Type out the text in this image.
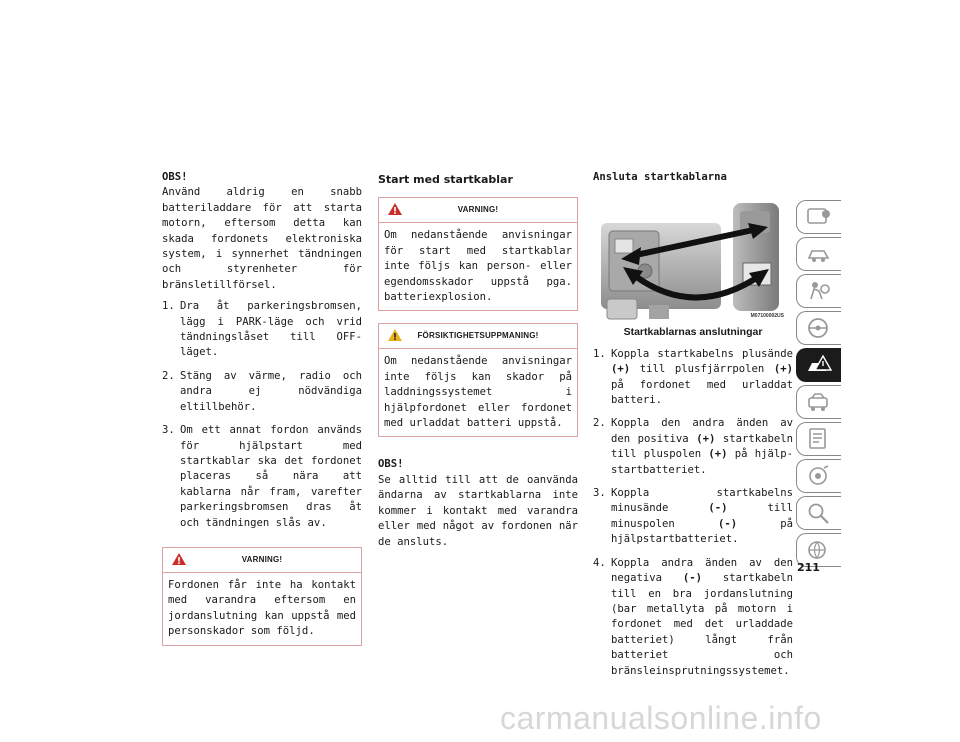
OBS!

Använd aldrig en snabb batteriladdare för att starta motorn, eftersom detta kan skada fordonets elektroniska system, i synnerhet tändningen och styrenheter för bränsletillförsel.

1. Dra åt parkeringsbromsen, lägg i PARK-läge och vrid tändningslåset till OFF-läget.
2. Stäng av värme, radio och andra ej nödvändiga eltillbehör.
3. Om ett annat fordon används för hjälpstart med startkablar ska det fordonet placeras så nära att kablarna når fram, varefter parkeringsbromsen dras åt och tändningen slås av.
VARNING!
Fordonen får inte ha kontakt med varandra eftersom en jordanslutning kan uppstå med personskador som följd.

Start med startkablar

VARNING!
Om nedanstående anvisningar för start med startkablar inte följs kan person- eller egendomsskador uppstå pga. batteriexplosion.
FÖRSIKTIGHETSUPPMANING!
Om nedanstående anvisningar inte följs kan skador på laddningssystemet i hjälpfordonet eller fordonet med urladdat batteri uppstå.

OBS!

Se alltid till att de oanvända ändarna av startkablarna inte kommer i kontakt med varandra eller med något av fordonen när de ansluts.

Ansluta startkablarna

M07100002US

Startkablarnas anslutningar

1. Koppla startkabelns plusände (+) till plusfjärrpolen (+) på fordonet med urladdat batteri.
2. Koppla den andra änden av den positiva (+) startkabeln till pluspolen (+) på hjälpstartbatteriet.
3. Koppla startkabelns minusände (-) till minuspolen (-) på hjälpstartbatteriet.
4. Koppla andra änden av den negativa (-) startkabeln till en bra jordanslutning (bar metallyta på motorn i fordonet med det urladdade batteriet) långt från batteriet och bränsleinsprutningssystemet.
211
carmanualsonline.info
